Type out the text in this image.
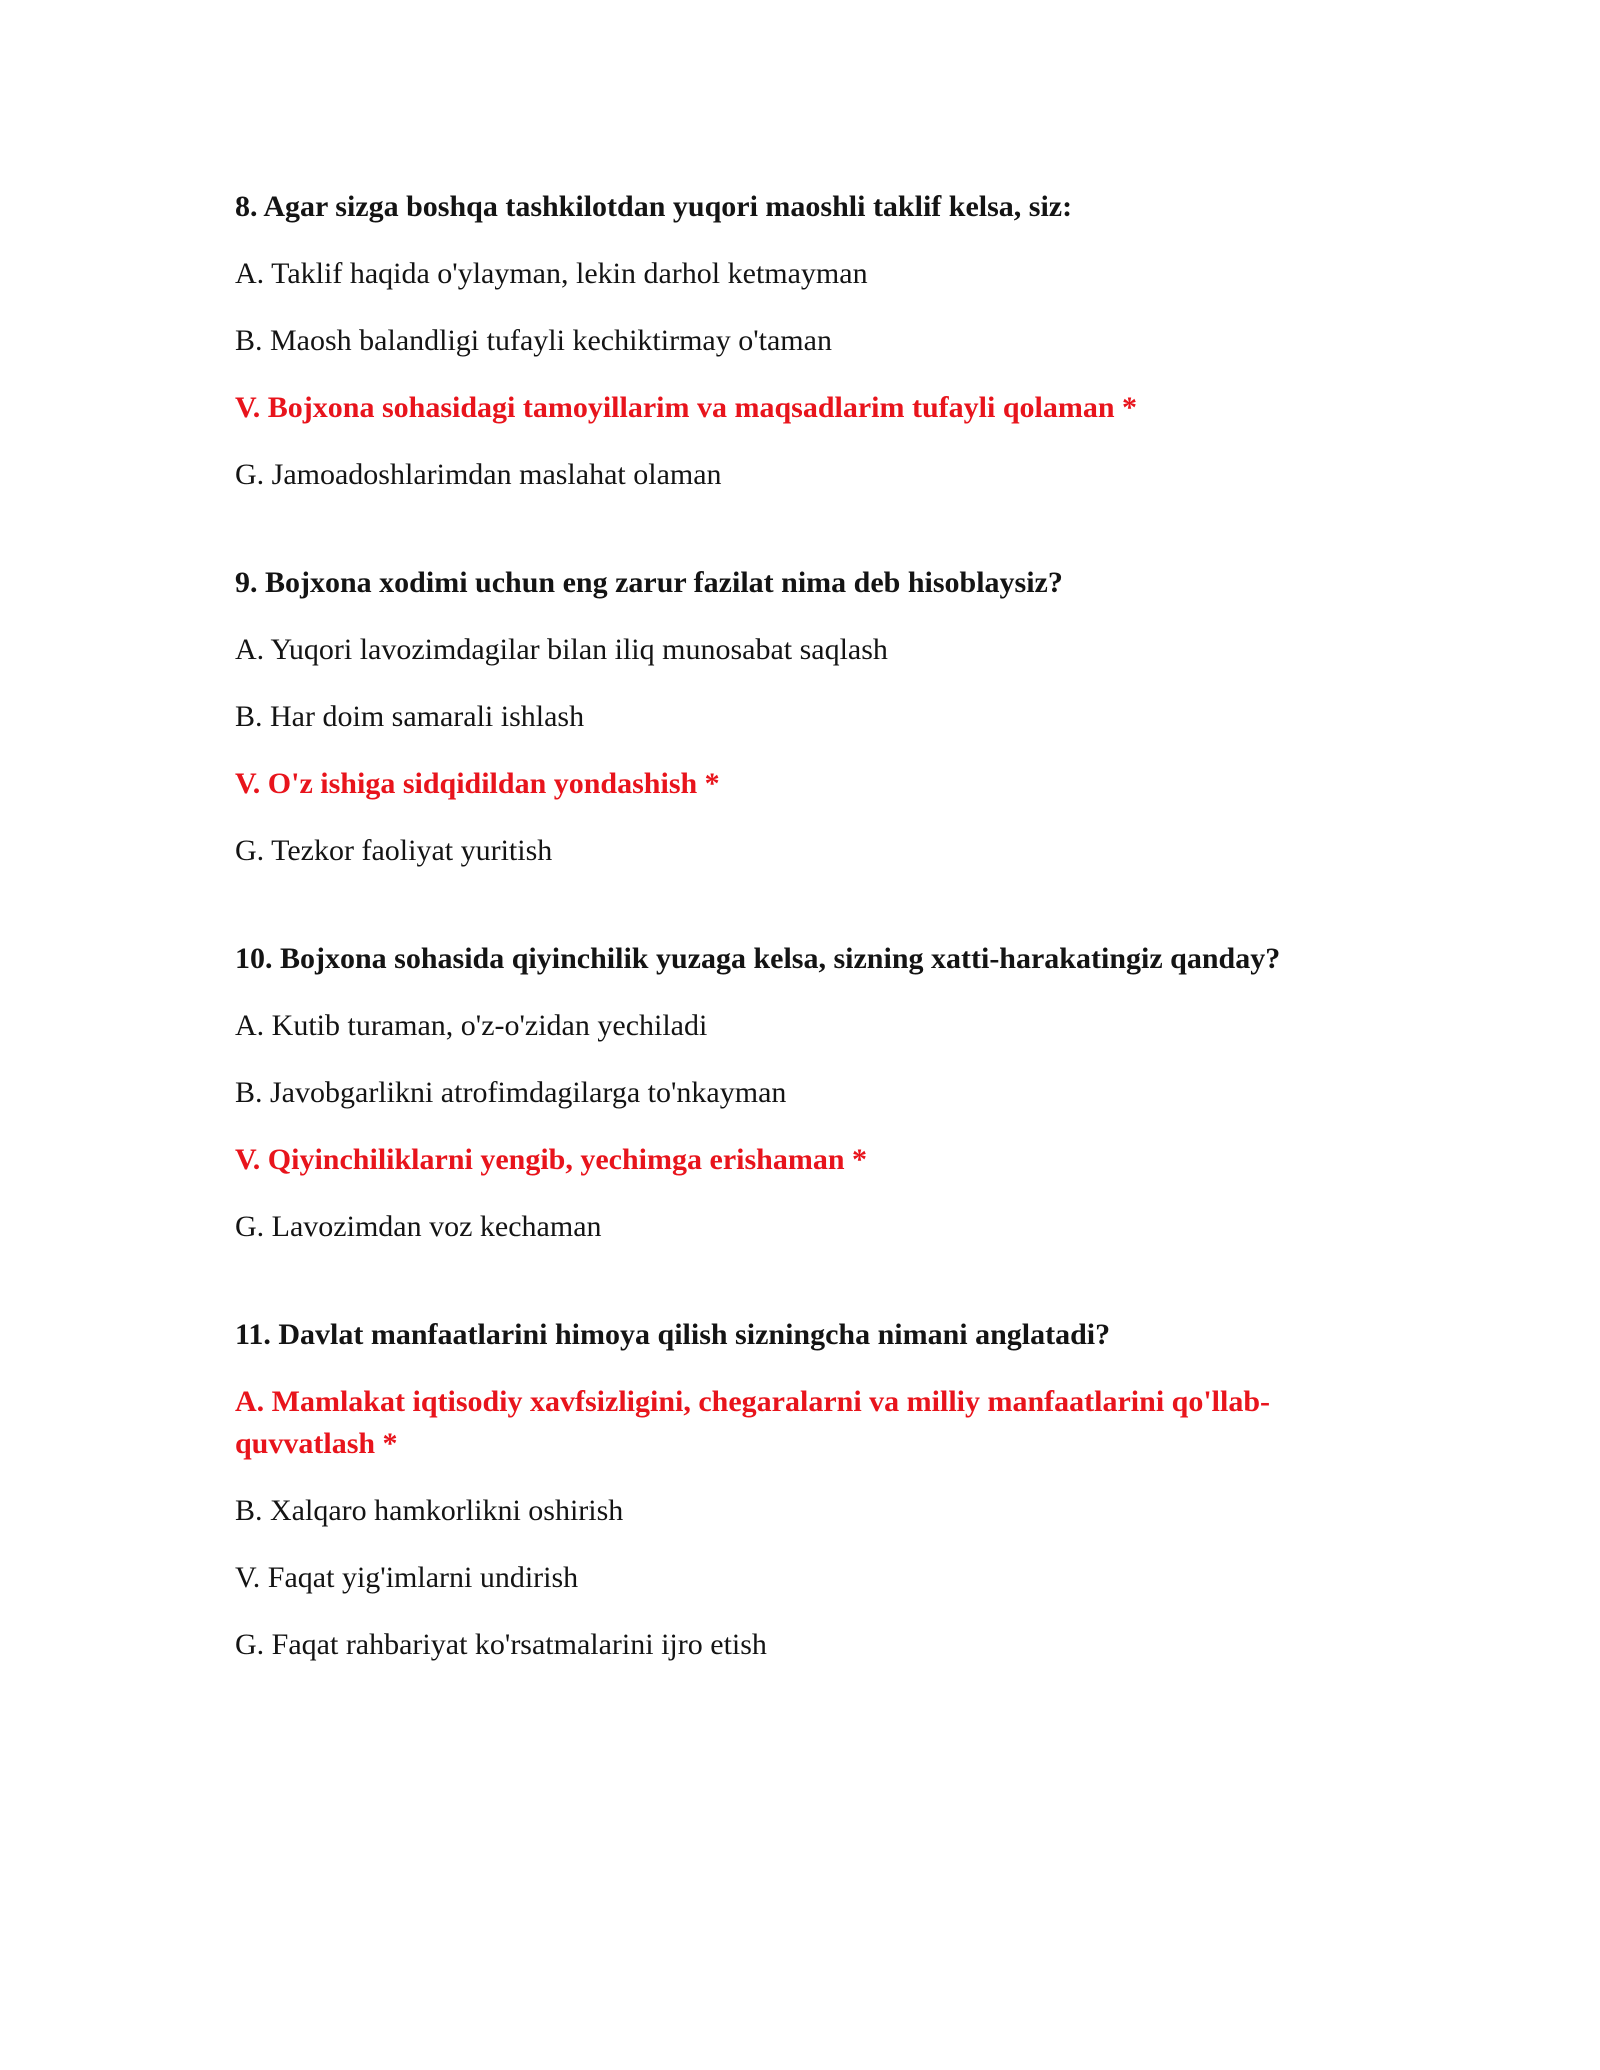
8. Agar sizga boshqa tashkilotdan yuqori maoshli taklif kelsa, siz:

A. Taklif haqida o'ylayman, lekin darhol ketmayman

B. Maosh balandligi tufayli kechiktirmay o'taman

V. Bojxona sohasidagi tamoyillarim va maqsadlarim tufayli qolaman *

G. Jamoadoshlarimdan maslahat olaman

9. Bojxona xodimi uchun eng zarur fazilat nima deb hisoblaysiz?

A. Yuqori lavozimdagilar bilan iliq munosabat saqlash

B. Har doim samarali ishlash

V. O'z ishiga sidqidildan yondashish *

G. Tezkor faoliyat yuritish

10. Bojxona sohasida qiyinchilik yuzaga kelsa, sizning xatti-harakatingiz qanday?

A. Kutib turaman, o'z-o'zidan yechiladi

B. Javobgarlikni atrofimdagilarga to'nkayman

V. Qiyinchiliklarni yengib, yechimga erishaman *

G. Lavozimdan voz kechaman

11. Davlat manfaatlarini himoya qilish sizningcha nimani anglatadi?

A. Mamlakat iqtisodiy xavfsizligini, chegaralarni va milliy manfaatlarini qo'llab-quvvatlash *

B. Xalqaro hamkorlikni oshirish

V. Faqat yig'imlarni undirish

G. Faqat rahbariyat ko'rsatmalarini ijro etish
